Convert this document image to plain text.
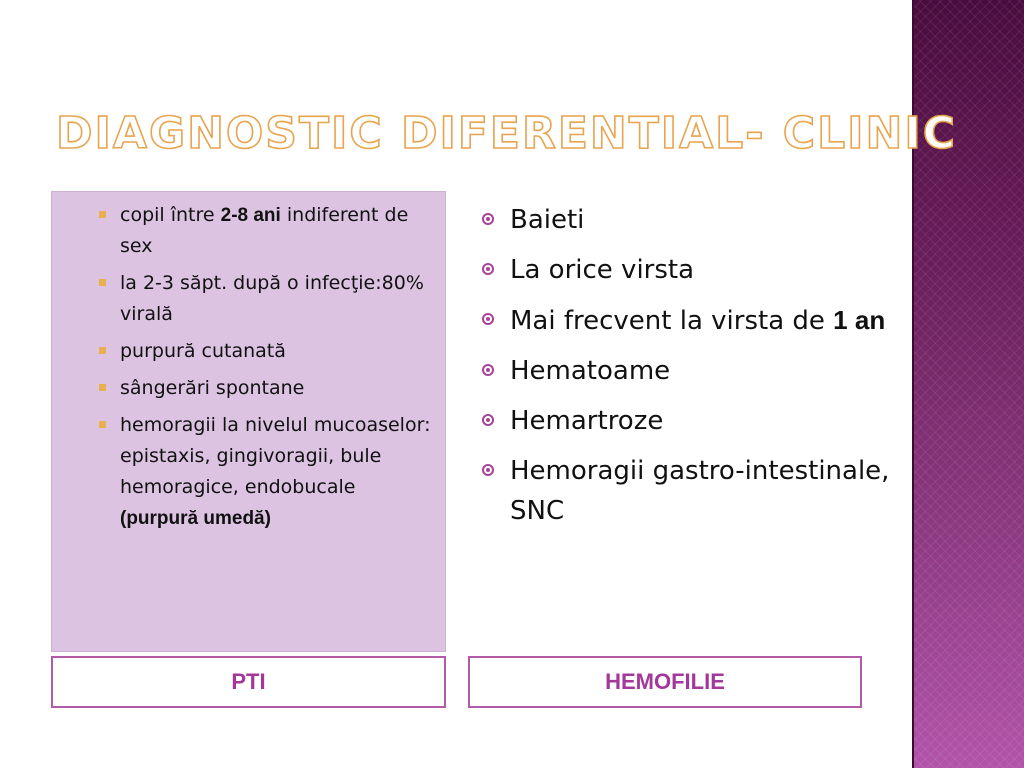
DIAGNOSTIC DIFERENTIAL- CLINIC
copil între 2-8 ani indiferent de sex
la 2-3 săpt. după o infecţie:80% virală
purpură cutanată
sângerări spontane
hemoragii la nivelul mucoaselor: epistaxis, gingivoragii, bule hemoragice, endobucale (purpură umedă)
Baieti
La orice virsta
Mai frecvent la virsta de 1 an
Hematoame
Hemartroze
Hemoragii gastro-intestinale, SNC
PTI	HEMOFILIE
